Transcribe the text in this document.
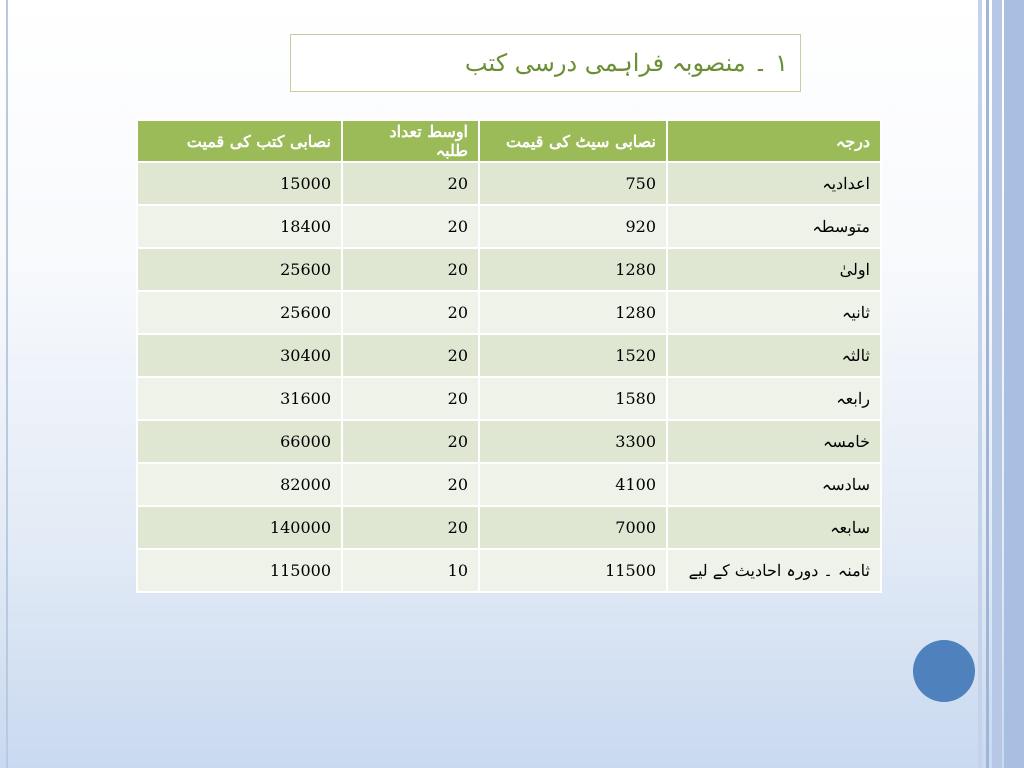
۱ ۔ منصوبہ فراہمی درسی کتب
نصابی کتب کی قمیت	اوسط تعداد طلبہ	نصابی سیٹ کی قیمت	درجہ
15000	20	750	اعدادیہ
18400	20	920	متوسطہ
25600	20	1280	اولیٰ
25600	20	1280	ثانیہ
30400	20	1520	ثالثہ
31600	20	1580	رابعہ
66000	20	3300	خامسہ
82000	20	4100	سادسہ
140000	20	7000	سابعہ
115000	10	11500	ثامنہ ۔ دورہ احادیث کے لیے
